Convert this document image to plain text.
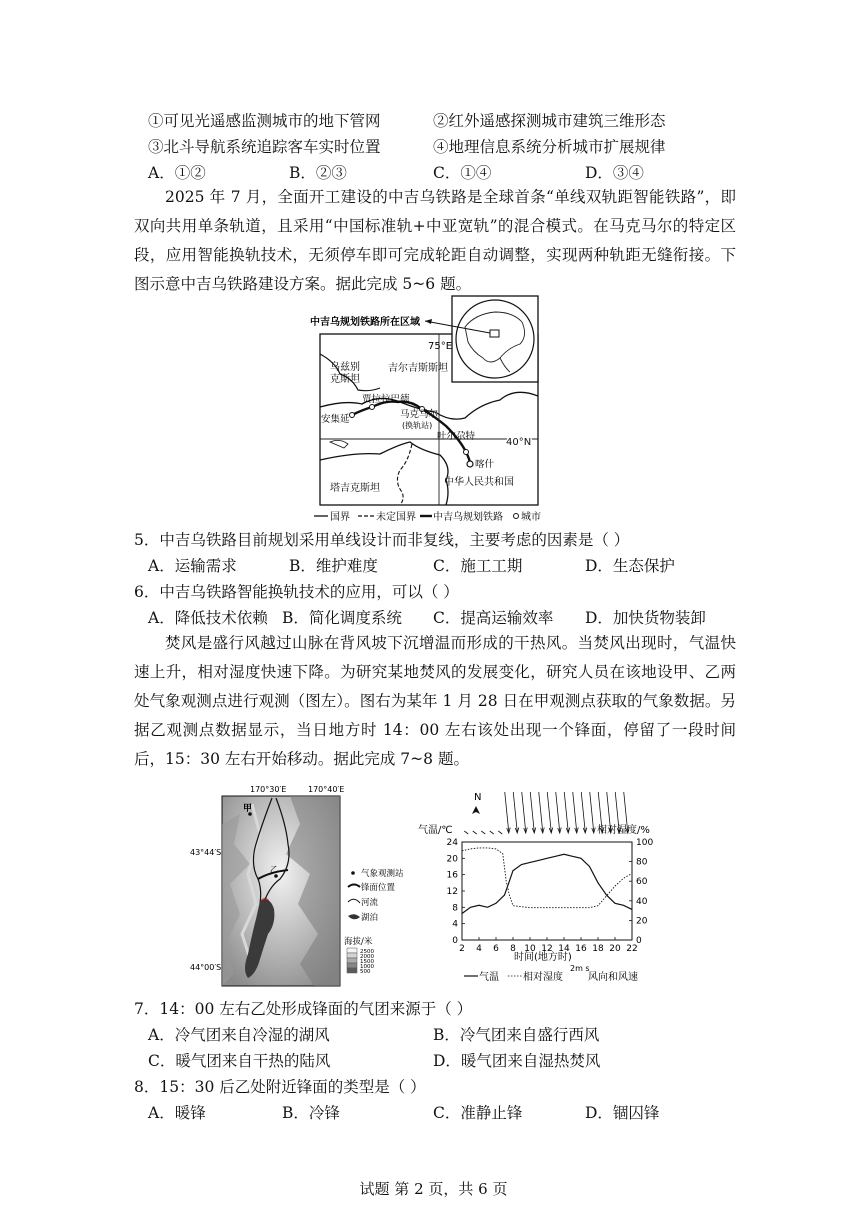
①可见光遥感监测城市的地下管网	②红外遥感探测城市建筑三维形态
③北斗导航系统追踪客车实时位置	④地理信息系统分析城市扩展规律
A．①②	B．②③	C．①④	D．③④
2025 年 7 月，全面开工建设的中吉乌铁路是全球首条“单线双轨距智能铁路”，即双向共用单条轨道，且采用“中国标准轨+中亚宽轨”的混合模式。在马克马尔的特定区段，应用智能换轨技术，无须停车即可完成轮距自动调整，实现两种轨距无缝衔接。下图示意中吉乌铁路建设方案。据此完成 5~6 题。
中吉乌规划铁路所在区域
75°E
40°N
乌兹别
克斯坦
吉尔吉斯斯坦
塔吉克斯坦
中华人民共和国
贾拉拉巴德
安集延	马克马尔
(换轨站)
吐尔尕特
喀什
国界	未定国界 中吉乌规划铁路 城市
5．中吉乌铁路目前规划采用单线设计而非复线，主要考虑的因素是（ ）
A．运输需求	B．维护难度	C．施工工期	D．生态保护
6．中吉乌铁路智能换轨技术的应用，可以（ ）
A．降低技术依赖 B．简化调度系统 C．提高运输效率 D．加快货物装卸
焚风是盛行风越过山脉在背风坡下沉增温而形成的干热风。当焚风出现时，气温快速上升，相对湿度快速下降。为研究某地焚风的发展变化，研究人员在该地设甲、乙两处气象观测点进行观测（图左）。图右为某年 1 月 28 日在甲观测点获取的气象数据。另据乙观测点数据显示，当日地方时 14：00 左右该处出现一个锋面，停留了一段时间后，15：30 左右开始移动。据此完成 7~8 题。
170°30′E	170°40′E
甲
乙
43°44′S
44°00′S
气象观测站
锋面位置
河流
湖泊
海拔/米
2500
2000
1500
1000
500
N
气温/℃	相对湿度/%
2 4 6 8 10 12 14 16 18 20 22
0
4
8
12
16
20
24
0
20
40
60
80
100
时间(地方时)
气温 相对湿度
2m s
风向和风速
7．14：00 左右乙处形成锋面的气团来源于（ ）
A．冷气团来自冷湿的湖风	B．冷气团来自盛行西风
C．暖气团来自干热的陆风	D．暖气团来自湿热焚风
8．15：30 后乙处附近锋面的类型是（ ）
A．暖锋	B．冷锋	C．准静止锋	D．锢囚锋
试题 第 2 页，共 6 页
